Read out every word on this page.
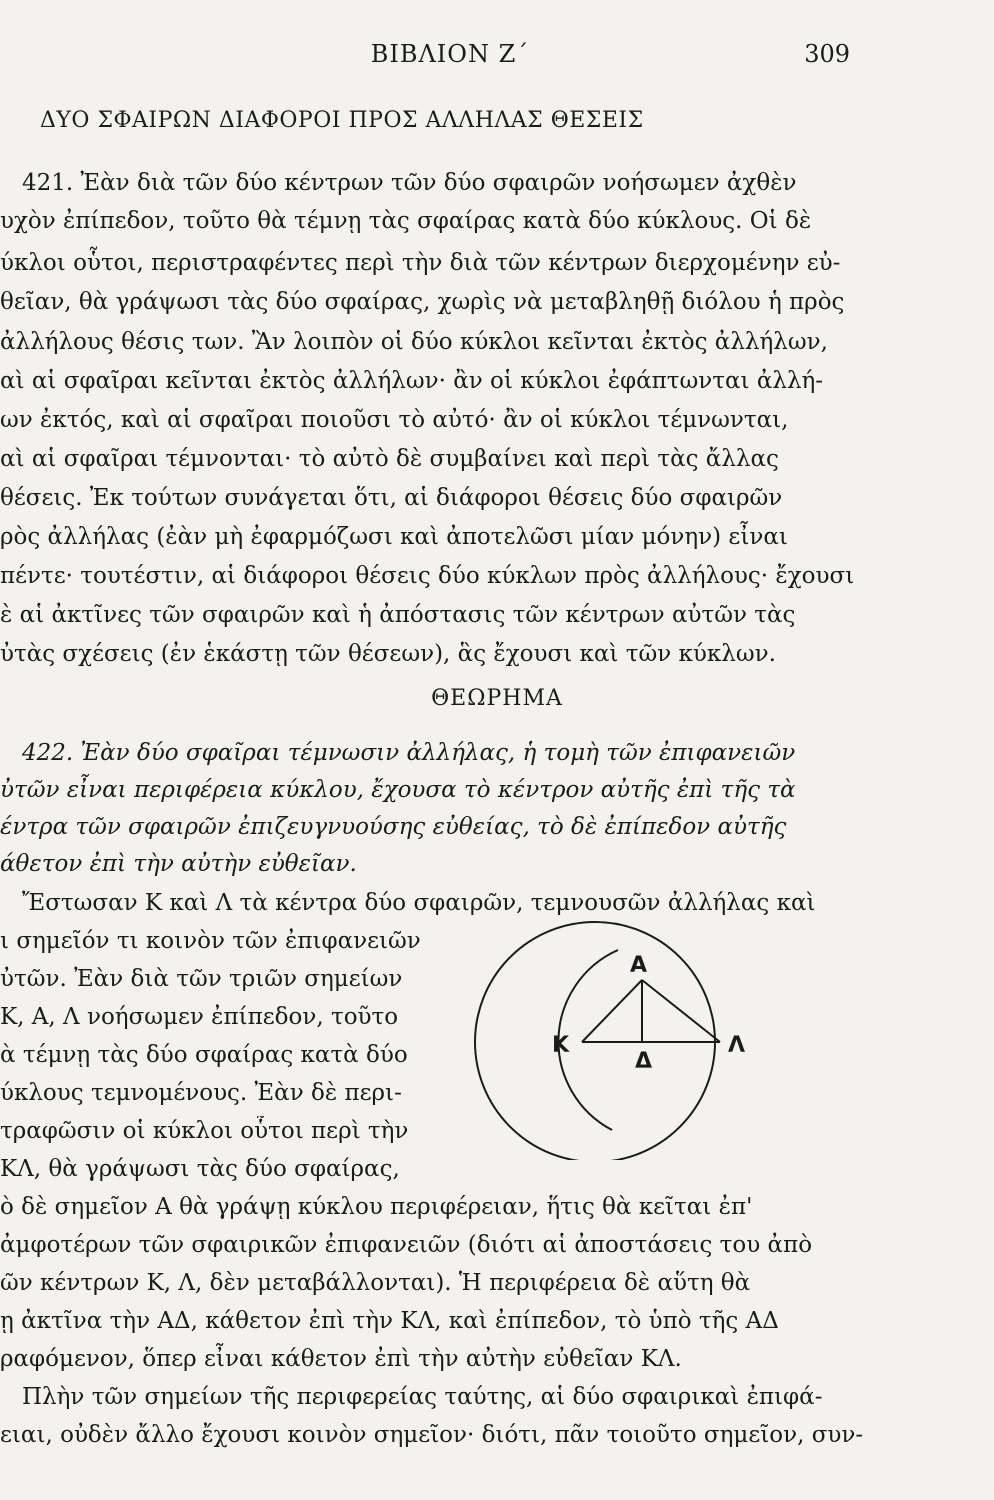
ΒΙΒΛΙΟΝ Ζ΄	309
ΔΥΟ ΣΦΑΙΡΩΝ ΔΙΑΦΟΡΟΙ ΠΡΟΣ ΑΛΛΗΛΑΣ ΘΕΣΕΙΣ
421. Ἐὰν διὰ τῶν δύο κέντρων τῶν δύο σφαιρῶν νοήσωμεν ἀχθὲν
υχὸν ἐπίπεδον, τοῦτο θὰ τέμνῃ τὰς σφαίρας κατὰ δύο κύκλους. Οἱ δὲ
ύκλοι οὗτοι, περιστραφέντες περὶ τὴν διὰ τῶν κέντρων διερχομένην εὐ-
θεῖαν, θὰ γράψωσι τὰς δύο σφαίρας, χωρὶς νὰ μεταβληθῇ διόλου ἡ πρὸς
ἀλλήλους θέσις των. Ἂν λοιπὸν οἱ δύο κύκλοι κεῖνται ἐκτὸς ἀλλήλων,
αὶ αἱ σφαῖραι κεῖνται ἐκτὸς ἀλλήλων· ἂν οἱ κύκλοι ἐφάπτωνται ἀλλή-
ων ἐκτός, καὶ αἱ σφαῖραι ποιοῦσι τὸ αὐτό· ἂν οἱ κύκλοι τέμνωνται,
αὶ αἱ σφαῖραι τέμνονται· τὸ αὐτὸ δὲ συμβαίνει καὶ περὶ τὰς ἄλλας
θέσεις. Ἐκ τούτων συνάγεται ὅτι, αἱ διάφοροι θέσεις δύο σφαιρῶν
ρὸς ἀλλήλας (ἐὰν μὴ ἐφαρμόζωσι καὶ ἀποτελῶσι μίαν μόνην) εἶναι
πέντε· τουτέστιν, αἱ διάφοροι θέσεις δύο κύκλων πρὸς ἀλλήλους· ἔχουσι
ὲ αἱ ἀκτῖνες τῶν σφαιρῶν καὶ ἡ ἀπόστασις τῶν κέντρων αὐτῶν τὰς
ὐτὰς σχέσεις (ἐν ἑκάστῃ τῶν θέσεων), ἃς ἔχουσι καὶ τῶν κύκλων.
ΘΕΩΡΗΜΑ
422. Ἐὰν δύο σφαῖραι τέμνωσιν ἀλλήλας, ἡ τομὴ τῶν ἐπιφανειῶν
ὐτῶν εἶναι περιφέρεια κύκλου, ἔχουσα τὸ κέντρον αὐτῆς ἐπὶ τῆς τὰ
έντρα τῶν σφαιρῶν ἐπιζευγνυούσης εὐθείας, τὸ δὲ ἐπίπεδον αὐτῆς
άθετον ἐπὶ τὴν αὐτὴν εὐθεῖαν.
Ἔστωσαν Κ καὶ Λ τὰ κέντρα δύο σφαιρῶν, τεμνουσῶν ἀλλήλας καὶ
ι σημεῖόν τι κοινὸν τῶν ἐπιφανειῶν
ὐτῶν. Ἐὰν διὰ τῶν τριῶν σημείων
Κ, Α, Λ νοήσωμεν ἐπίπεδον, τοῦτο
ὰ τέμνῃ τὰς δύο σφαίρας κατὰ δύο
ύκλους τεμνομένους. Ἐὰν δὲ περι-
τραφῶσιν οἱ κύκλοι οὗτοι περὶ τὴν
ΚΛ, θὰ γράψωσι τὰς δύο σφαίρας,
ὸ δὲ σημεῖον Α θὰ γράψῃ κύκλου περιφέρειαν, ἥτις θὰ κεῖται ἐπ'
ἀμφοτέρων τῶν σφαιρικῶν ἐπιφανειῶν (διότι αἱ ἀποστάσεις του ἀπὸ
ῶν κέντρων Κ, Λ, δὲν μεταβάλλονται). Ἡ περιφέρεια δὲ αὕτη θὰ
ῃ ἀκτῖνα τὴν ΑΔ, κάθετον ἐπὶ τὴν ΚΛ, καὶ ἐπίπεδον, τὸ ὑπὸ τῆς ΑΔ
ραφόμενον, ὅπερ εἶναι κάθετον ἐπὶ τὴν αὐτὴν εὐθεῖαν ΚΛ.
Πλὴν τῶν σημείων τῆς περιφερείας ταύτης, αἱ δύο σφαιρικαὶ ἐπιφά-
ειαι, οὐδὲν ἄλλο ἔχουσι κοινὸν σημεῖον· διότι, πᾶν τοιοῦτο σημεῖον, συν-
Α
Κ	Λ
Δ
